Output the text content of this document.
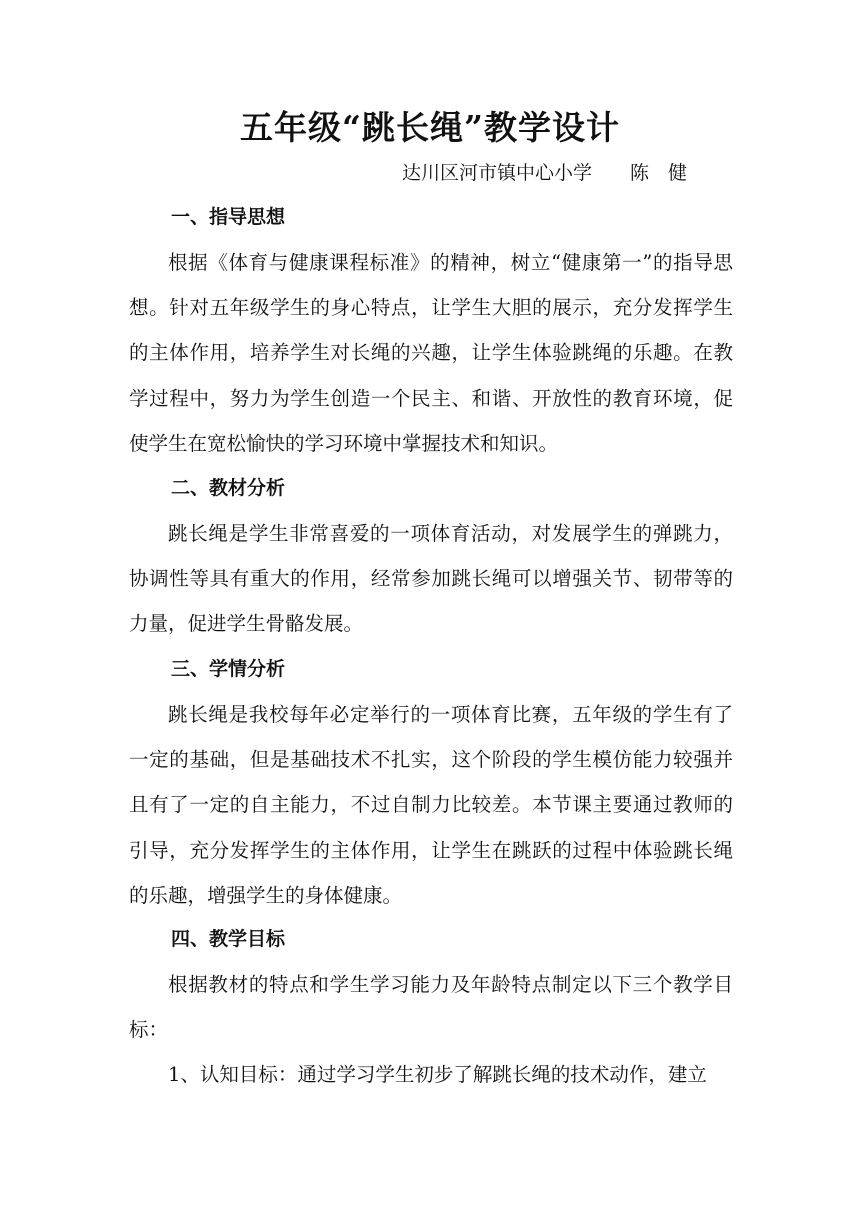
五年级“跳长绳”教学设计
达川区河市镇中心小学　　陈　健
一、指导思想
根据《体育与健康课程标准》的精神，树立“健康第一”的指导思想。针对五年级学生的身心特点，让学生大胆的展示，充分发挥学生的主体作用，培养学生对长绳的兴趣，让学生体验跳绳的乐趣。在教学过程中，努力为学生创造一个民主、和谐、开放性的教育环境，促使学生在宽松愉快的学习环境中掌握技术和知识。
二、教材分析
跳长绳是学生非常喜爱的一项体育活动，对发展学生的弹跳力，协调性等具有重大的作用，经常参加跳长绳可以增强关节、韧带等的力量，促进学生骨骼发展。
三、学情分析
跳长绳是我校每年必定举行的一项体育比赛，五年级的学生有了一定的基础，但是基础技术不扎实，这个阶段的学生模仿能力较强并且有了一定的自主能力，不过自制力比较差。本节课主要通过教师的引导，充分发挥学生的主体作用，让学生在跳跃的过程中体验跳长绳的乐趣，增强学生的身体健康。
四、教学目标
根据教材的特点和学生学习能力及年龄特点制定以下三个教学目标：
1、认知目标：通过学习学生初步了解跳长绳的技术动作，建立
